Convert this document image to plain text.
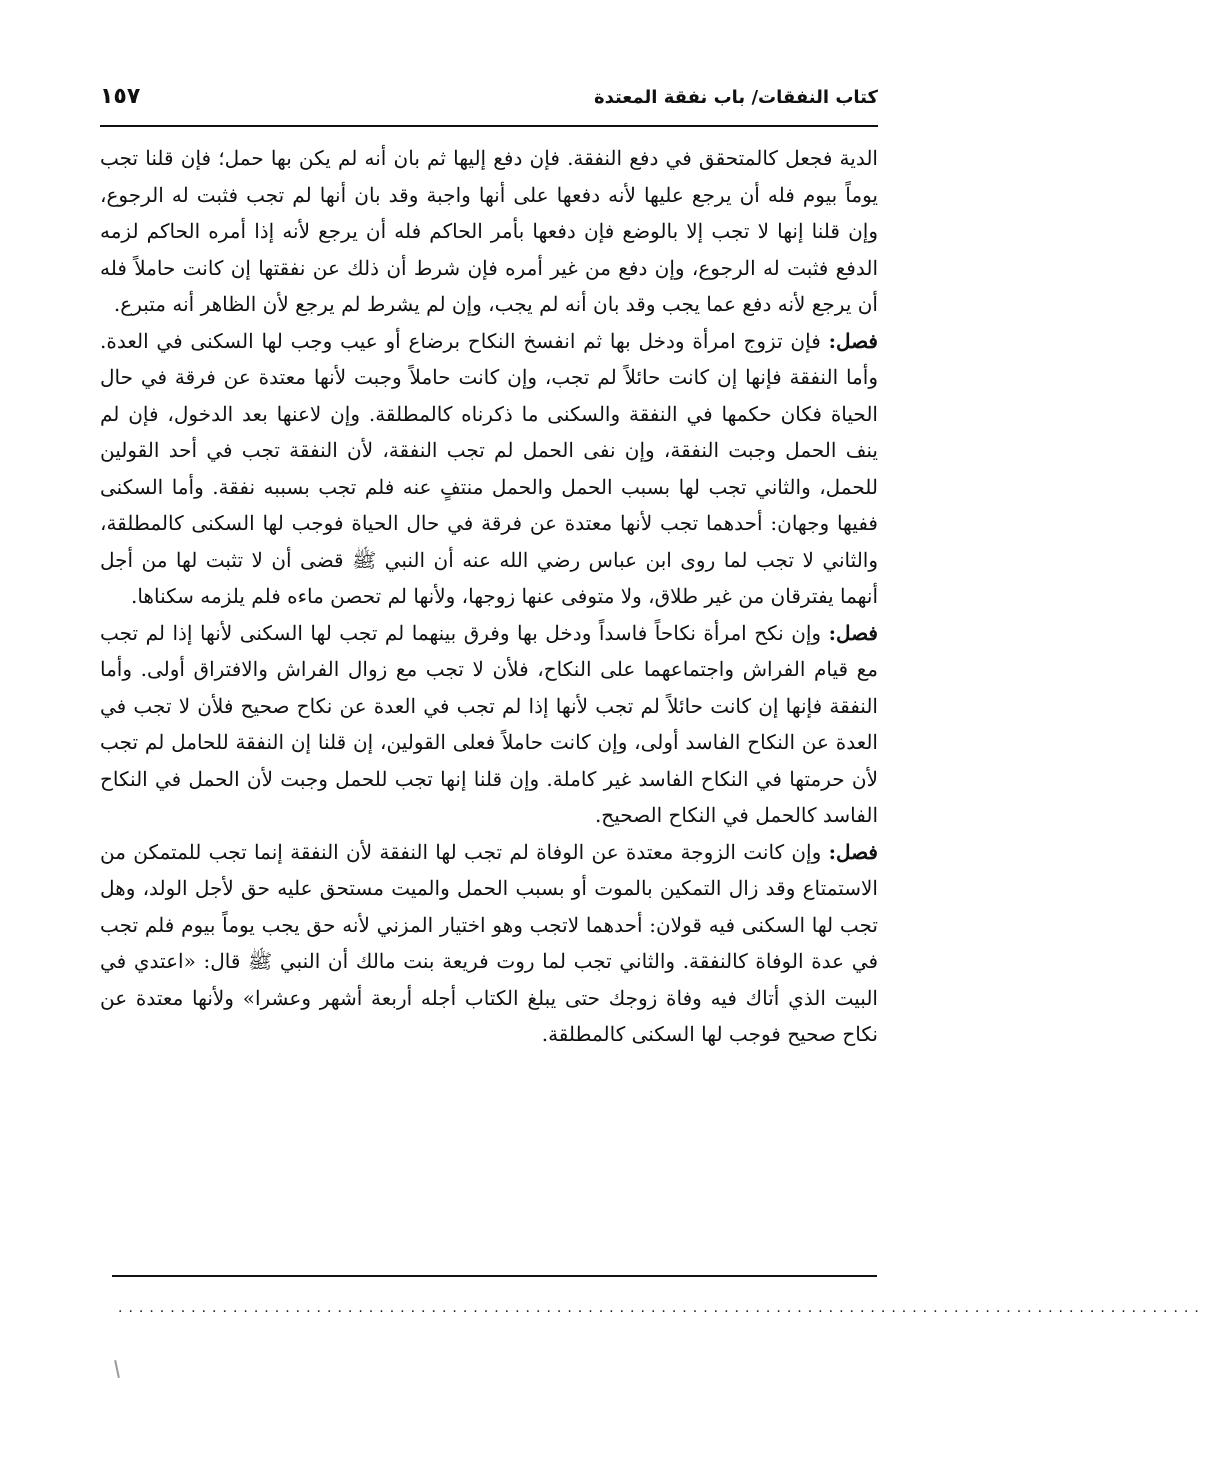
كتاب النفقات/ باب نفقة المعتدة
١٥٧

الدية فجعل كالمتحقق في دفع النفقة. فإن دفع إليها ثم بان أنه لم يكن بها حمل؛ فإن قلنا تجب يوماً بيوم فله أن يرجع عليها لأنه دفعها على أنها واجبة وقد بان أنها لم تجب فثبت له الرجوع، وإن قلنا إنها لا تجب إلا بالوضع فإن دفعها بأمر الحاكم فله أن يرجع لأنه إذا أمره الحاكم لزمه الدفع فثبت له الرجوع، وإن دفع من غير أمره فإن شرط أن ذلك عن نفقتها إن كانت حاملاً فله أن يرجع لأنه دفع عما يجب وقد بان أنه لم يجب، وإن لم يشرط لم يرجع لأن الظاهر أنه متبرع.

فصل: فإن تزوج امرأة ودخل بها ثم انفسخ النكاح برضاع أو عيب وجب لها السكنى في العدة. وأما النفقة فإنها إن كانت حائلاً لم تجب، وإن كانت حاملاً وجبت لأنها معتدة عن فرقة في حال الحياة فكان حكمها في النفقة والسكنى ما ذكرناه كالمطلقة. وإن لاعنها بعد الدخول، فإن لم ينف الحمل وجبت النفقة، وإن نفى الحمل لم تجب النفقة، لأن النفقة تجب في أحد القولين للحمل، والثاني تجب لها بسبب الحمل والحمل منتفٍ عنه فلم تجب بسببه نفقة. وأما السكنى ففيها وجهان: أحدهما تجب لأنها معتدة عن فرقة في حال الحياة فوجب لها السكنى كالمطلقة، والثاني لا تجب لما روى ابن عباس رضي الله عنه أن النبي ﷺ قضى أن لا تثبت لها من أجل أنهما يفترقان من غير طلاق، ولا متوفى عنها زوجها، ولأنها لم تحصن ماءه فلم يلزمه سكناها.

فصل: وإن نكح امرأة نكاحاً فاسداً ودخل بها وفرق بينهما لم تجب لها السكنى لأنها إذا لم تجب مع قيام الفراش واجتماعهما على النكاح، فلأن لا تجب مع زوال الفراش والافتراق أولى. وأما النفقة فإنها إن كانت حائلاً لم تجب لأنها إذا لم تجب في العدة عن نكاح صحيح فلأن لا تجب في العدة عن النكاح الفاسد أولى، وإن كانت حاملاً فعلى القولين، إن قلنا إن النفقة للحامل لم تجب لأن حرمتها في النكاح الفاسد غير كاملة. وإن قلنا إنها تجب للحمل وجبت لأن الحمل في النكاح الفاسد كالحمل في النكاح الصحيح.

فصل: وإن كانت الزوجة معتدة عن الوفاة لم تجب لها النفقة لأن النفقة إنما تجب للمتمكن من الاستمتاع وقد زال التمكين بالموت أو بسبب الحمل والميت مستحق عليه حق لأجل الولد، وهل تجب لها السكنى فيه قولان: أحدهما لاتجب وهو اختيار المزني لأنه حق يجب يوماً بيوم فلم تجب في عدة الوفاة كالنفقة. والثاني تجب لما روت فريعة بنت مالك أن النبي ﷺ قال: «اعتدي في البيت الذي أتاك فيه وفاة زوجك حتى يبلغ الكتاب أجله أربعة أشهر وعشرا» ولأنها معتدة عن نكاح صحيح فوجب لها السكنى كالمطلقة.

........................................................................................................
